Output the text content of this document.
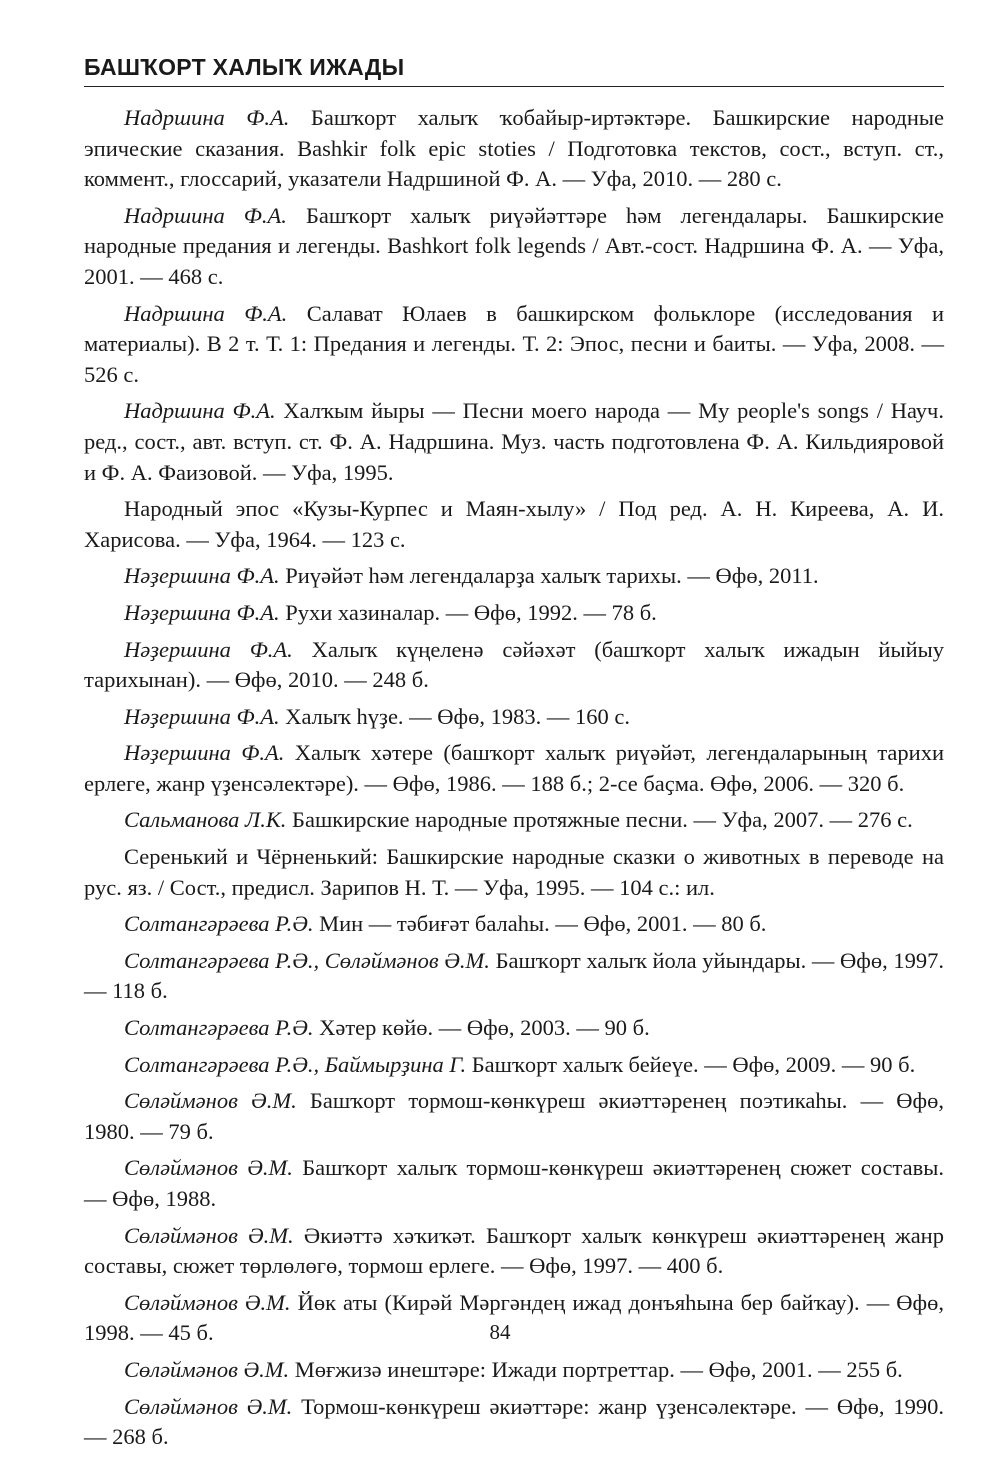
БАШҠОРТ ХАЛЫҠ ИЖАДЫ

Надршина Ф.А. Башҡорт халыҡ ҡобайыр-иртәктәре. Башкирские народные эпические сказания. Bashkir folk epic stoties / Подготовка текстов, сост., вступ. ст., коммент., глоссарий, указатели Надршиной Ф. А. — Уфа, 2010. — 280 с.

Надршина Ф.А. Башҡорт халыҡ риүәйәттәре һәм легендалары. Башкирские народные предания и легенды. Bashkort folk legends / Авт.-сост. Надршина Ф. А. — Уфа, 2001. — 468 с.

Надршина Ф.А. Салават Юлаев в башкирском фольклоре (исследования и материалы). В 2 т. Т. 1: Предания и легенды. Т. 2: Эпос, песни и баиты. — Уфа, 2008. — 526 с.

Надршина Ф.А. Халҡым йыры — Песни моего народа — My people's songs / Науч. ред., сост., авт. вступ. ст. Ф. А. Надршина. Муз. часть подготовлена Ф. А. Кильдияровой и Ф. А. Фаизовой. — Уфа, 1995.

Народный эпос «Кузы-Курпес и Маян-хылу» / Под ред. А. Н. Киреева, А. И. Харисова. — Уфа, 1964. — 123 с.

Нәҙершина Ф.А. Риүәйәт һәм легендаларҙа халыҡ тарихы. — Өфө, 2011.

Нәҙершина Ф.А. Рухи хазиналар. — Өфө, 1992. — 78 б.

Нәҙершина Ф.А. Халыҡ күңеленә сәйәхәт (башҡорт халыҡ ижадын йыйыу тарихынан). — Өфө, 2010. — 248 б.

Нәҙершина Ф.А. Халыҡ һүҙе. — Өфө, 1983. — 160 с.

Нәҙершина Ф.А. Халыҡ хәтере (башҡорт халыҡ риүәйәт, легендаларының тарихи ерлеге, жанр үҙенсәлектәре). — Өфө, 1986. — 188 б.; 2-се баҫма. Өфө, 2006. — 320 б.

Сальманова Л.К. Башкирские народные протяжные песни. — Уфа, 2007. — 276 с.

Серенький и Чёрненький: Башкирские народные сказки о животных в переводе на рус. яз. / Сост., предисл. Зарипов Н. Т. — Уфа, 1995. — 104 с.: ил.

Солтангәрәева Р.Ә. Мин — тәбиғәт балаһы. — Өфө, 2001. — 80 б.

Солтангәрәева Р.Ә., Сөләймәнов Ә.М. Башҡорт халыҡ йола уйындары. — Өфө, 1997. — 118 б.

Солтангәрәева Р.Ә. Хәтер көйө. — Өфө, 2003. — 90 б.

Солтангәрәева Р.Ә., Баймырҙина Г. Башҡорт халыҡ бейеүе. — Өфө, 2009. — 90 б.

Сөләймәнов Ә.М. Башҡорт тормош-көнкүреш әкиәттәренең поэтикаһы. — Өфө, 1980. — 79 б.

Сөләймәнов Ә.М. Башҡорт халыҡ тормош-көнкүреш әкиәттәренең сюжет составы. — Өфө, 1988.

Сөләймәнов Ә.М. Әкиәттә хәҡиҡәт. Башҡорт халыҡ көнкүреш әкиәттәренең жанр составы, сюжет төрлөлөгө, тормош ерлеге. — Өфө, 1997. — 400 б.

Сөләймәнов Ә.М. Йөк аты (Кирәй Мәргәндең ижад донъяһына бер байҡау). — Өфө, 1998. — 45 б.

Сөләймәнов Ә.М. Мөғжизә инештәре: Ижади портреттар. — Өфө, 2001. — 255 б.

Сөләймәнов Ә.М. Тормош-көнкүреш әкиәттәре: жанр үҙенсәлектәре. — Өфө, 1990. — 268 б.

84
